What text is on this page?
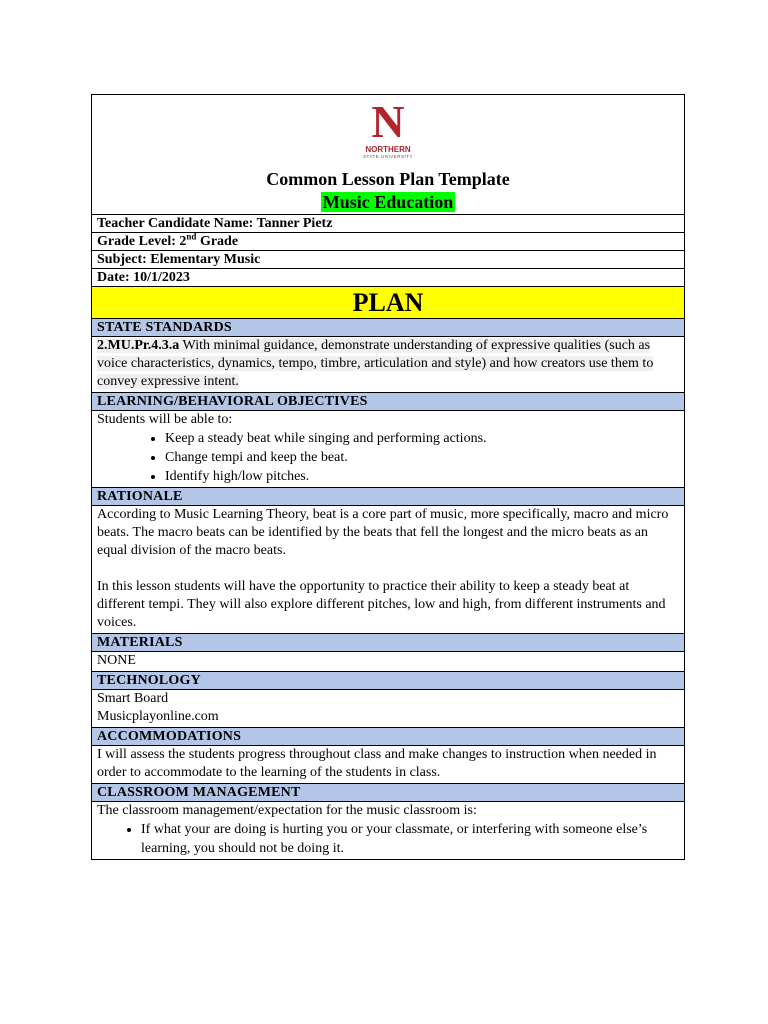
N
NORTHERN
STATE UNIVERSITY
Common Lesson Plan Template
Music Education
Teacher Candidate Name: Tanner Pietz
Grade Level: 2nd Grade
Subject: Elementary Music
Date: 10/1/2023
PLAN
STATE STANDARDS
2.MU.Pr.4.3.a With minimal guidance, demonstrate understanding of expressive qualities (such as voice characteristics, dynamics, tempo, timbre, articulation and style) and how creators use them to convey expressive intent.
LEARNING/BEHAVIORAL OBJECTIVES

Students will be able to:

• Keep a steady beat while singing and performing actions.
• Change tempi and keep the beat.
• Identify high/low pitches.
RATIONALE

According to Music Learning Theory, beat is a core part of music, more specifically, macro and micro beats. The macro beats can be identified by the beats that fell the longest and the micro beats as an equal division of the macro beats.

In this lesson students will have the opportunity to practice their ability to keep a steady beat at different tempi. They will also explore different pitches, low and high, from different instruments and voices.

MATERIALS
NONE
TECHNOLOGY

Smart Board

Musicplayonline.com

ACCOMMODATIONS
I will assess the students progress throughout class and make changes to instruction when needed in order to accommodate to the learning of the students in class.
CLASSROOM MANAGEMENT

The classroom management/expectation for the music classroom is:

• If what your are doing is hurting you or your classmate, or interfering with someone else’s learning, you should not be doing it.
